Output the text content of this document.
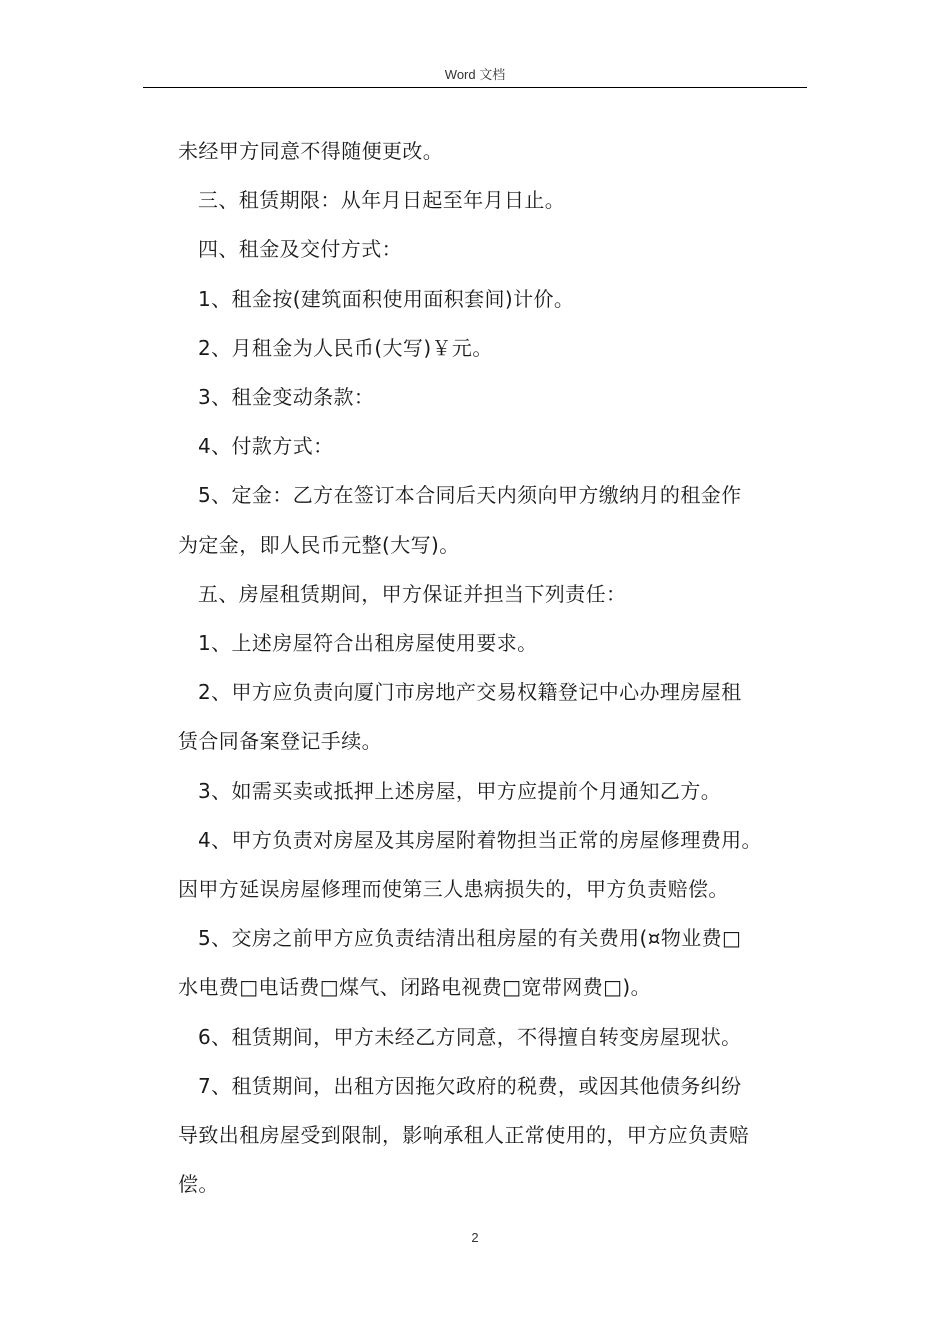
Word 文档

未经甲方同意不得随便更改。

三、租赁期限：从年月日起至年月日止。

四、租金及交付方式：

1、租金按(建筑面积使用面积套间)计价。

2、月租金为人民币(大写)￥元。

3、租金变动条款：

4、付款方式：

5、定金：乙方在签订本合同后天内须向甲方缴纳月的租金作

为定金，即人民币元整(大写)。

五、房屋租赁期间，甲方保证并担当下列责任：

1、上述房屋符合出租房屋使用要求。

2、甲方应负责向厦门市房地产交易权籍登记中心办理房屋租

赁合同备案登记手续。

3、如需买卖或抵押上述房屋，甲方应提前个月通知乙方。

4、甲方负责对房屋及其房屋附着物担当正常的房屋修理费用。

因甲方延误房屋修理而使第三人患病损失的，甲方负责赔偿。

5、交房之前甲方应负责结清出租房屋的有关费用(¤物业费□

水电费□电话费□煤气、闭路电视费□宽带网费□)。

6、租赁期间，甲方未经乙方同意，不得擅自转变房屋现状。

7、租赁期间，出租方因拖欠政府的税费，或因其他债务纠纷

导致出租房屋受到限制，影响承租人正常使用的，甲方应负责赔

偿。

2
